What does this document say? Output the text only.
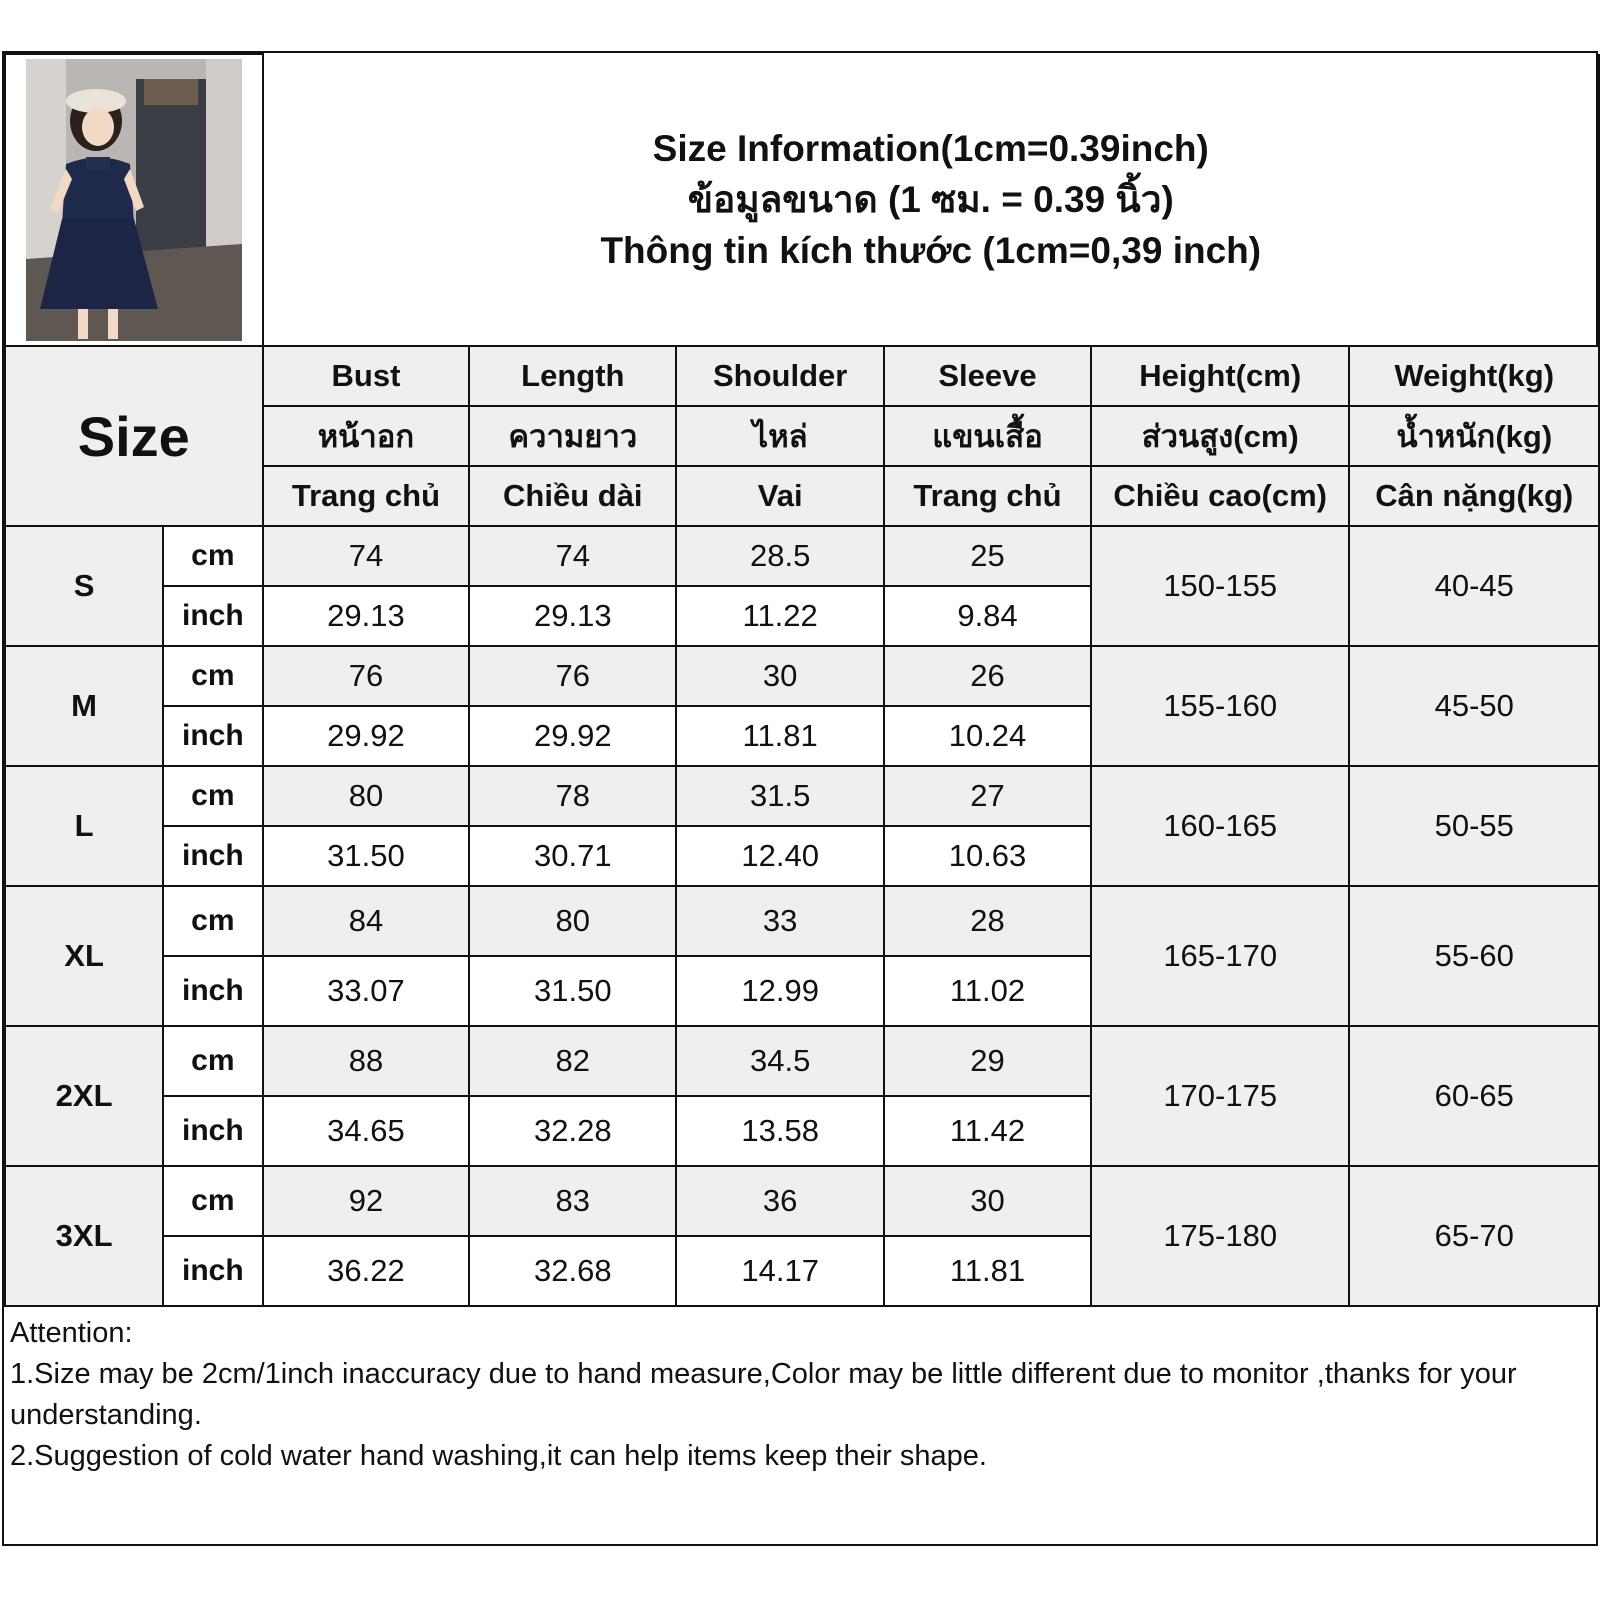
Size Information(1cm=0.39inch)
ข้อมูลขนาด (1 ซม. = 0.39 นิ้ว)
Thông tin kích thước (1cm=0,39 inch)					

Size		Bust	Length	Shoulder	Sleeve	Height(cm)	Weight(kg)
		หน้าอก	ความยาว	ไหล่	แขนเสื้อ	ส่วนสูง(cm)	น้ำหนัก(kg)
		Trang chủ	Chiều dài	Vai	Trang chủ	Chiều cao(cm)	Cân nặng(kg)
S	cm	74	74	28.5	25	150-155	40-45
	inch	29.13	29.13	11.22	9.84		
M	cm	76	76	30	26	155-160	45-50
	inch	29.92	29.92	11.81	10.24		
L	cm	80	78	31.5	27	160-165	50-55
	inch	31.50	30.71	12.40	10.63		
XL	cm	84	80	33	28	165-170	55-60
	inch	33.07	31.50	12.99	11.02		
2XL	cm	88	82	34.5	29	170-175	60-65
	inch	34.65	32.28	13.58	11.42		
3XL	cm	92	83	36	30	175-180	65-70
	inch	36.22	32.68	14.17	11.81		
Attention:
1.Size may be 2cm/1inch inaccuracy due to hand measure,Color may be little different due to monitor ,thanks for your understanding.
2.Suggestion of cold water hand washing,it can help items keep their shape.
